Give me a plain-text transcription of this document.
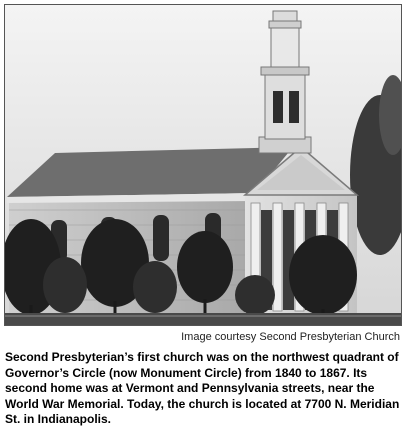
Image courtesy Second Presbyterian Church

Second Presbyterian’s first church was on the northwest quadrant of Governor’s Circle (now Monument Circle) from 1840 to 1867. Its second home was at Vermont and Pennsylvania streets, near the World War Memorial. Today, the church is located at 7700 N. Meridian St. in Indianapolis.
